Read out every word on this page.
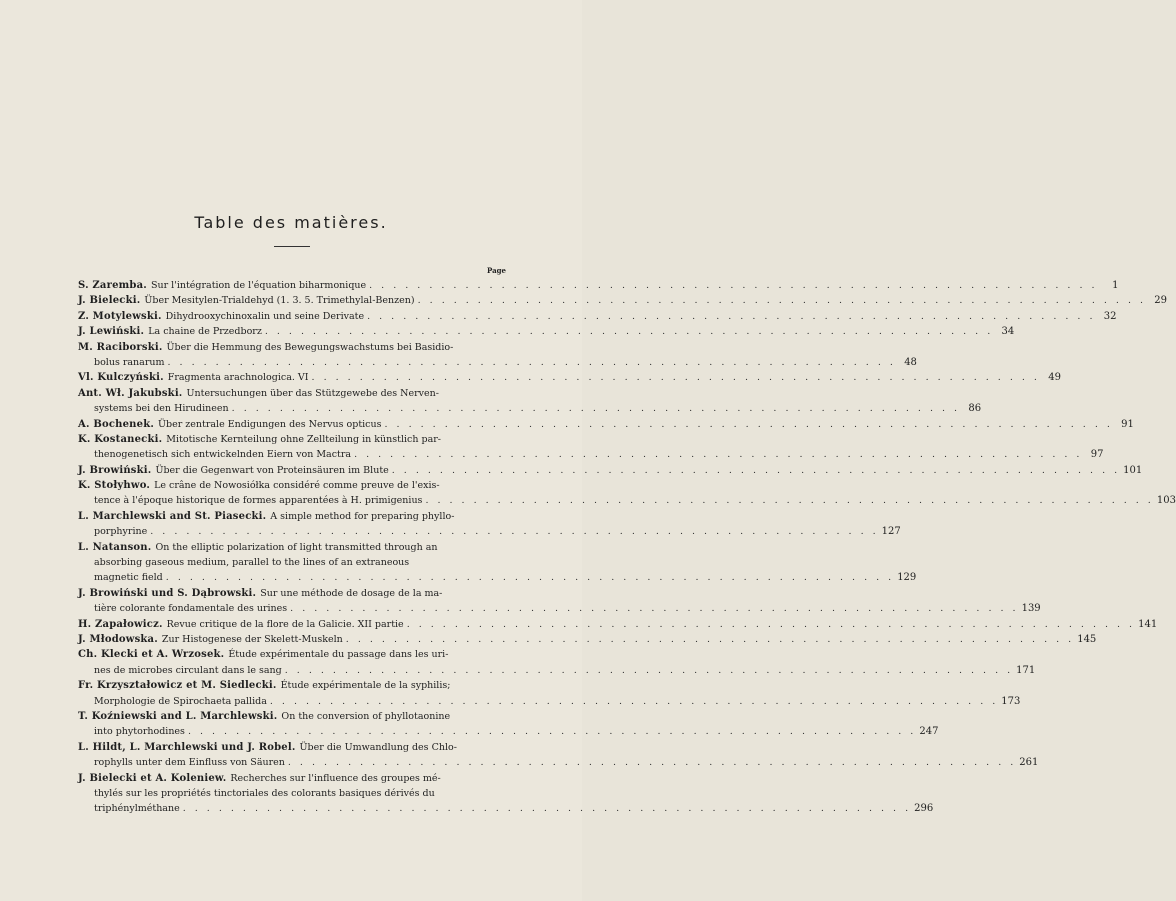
Table des matières.
Page
S. Zaremba. Sur l'intégration de l'équation biharmonique . . .	1
J. Bielecki. Über Mesitylen-Trialdehyd (1. 3. 5. Trimethylal-Benzen) . . .	29
Z. Motylewski. Dihydrooxychinoxalin und seine Derivate . . .	32
J. Lewiński. La chaine de Przedborz . . .	34
M. Raciborski. Über die Hemmung des Bewegungswachstums bei Basidio-
bolus ranarum . . .	48
Vl. Kulczyński. Fragmenta arachnologica. VI . . .	49
Ant. Wł. Jakubski. Untersuchungen über das Stützgewebe des Nerven-
systems bei den Hirudineen . . .	86
A. Bochenek. Über zentrale Endigungen des Nervus opticus . . .	91
K. Kostanecki. Mitotische Kernteilung ohne Zellteilung in künstlich par-
thenogenetisch sich entwickelnden Eiern von Mactra . . .	97
J. Browiński. Über die Gegenwart von Proteinsäuren im Blute . . .	101
K. Stołyhwo. Le crâne de Nowosiółka considéré comme preuve de l'exis-
tence à l'époque historique de formes apparentées à H. primigenius . . .	103
L. Marchlewski and St. Piasecki. A simple method for preparing phyllo-
porphyrine . . .	127
L. Natanson. On the elliptic polarization of light transmitted through an
absorbing gaseous medium, parallel to the lines of an extraneous
magnetic field . . .	129
J. Browiński und S. Dąbrowski. Sur une méthode de dosage de la ma-
tière colorante fondamentale des urines . . .	139
H. Zapałowicz. Revue critique de la flore de la Galicie. XII partie . . .	141
J. Młodowska. Zur Histogenese der Skelett-Muskeln . . .	145
Ch. Klecki et A. Wrzosek. Étude expérimentale du passage dans les uri-
nes de microbes circulant dans le sang . . .	171
Fr. Krzyształowicz et M. Siedlecki. Étude expérimentale de la syphilis;
Morphologie de Spirochaeta pallida . . .	173
T. Koźniewski and L. Marchlewski. On the conversion of phyllotaonine
into phytorhodines . . .	247
L. Hildt, L. Marchlewski und J. Robel. Über die Umwandlung des Chlo-
rophylls unter dem Einfluss von Säuren . . .	261
J. Bielecki et A. Koleniew. Recherches sur l'influence des groupes mé-
thylés sur les propriétés tinctoriales des colorants basiques dérivés du
triphénylméthane . . .	296
